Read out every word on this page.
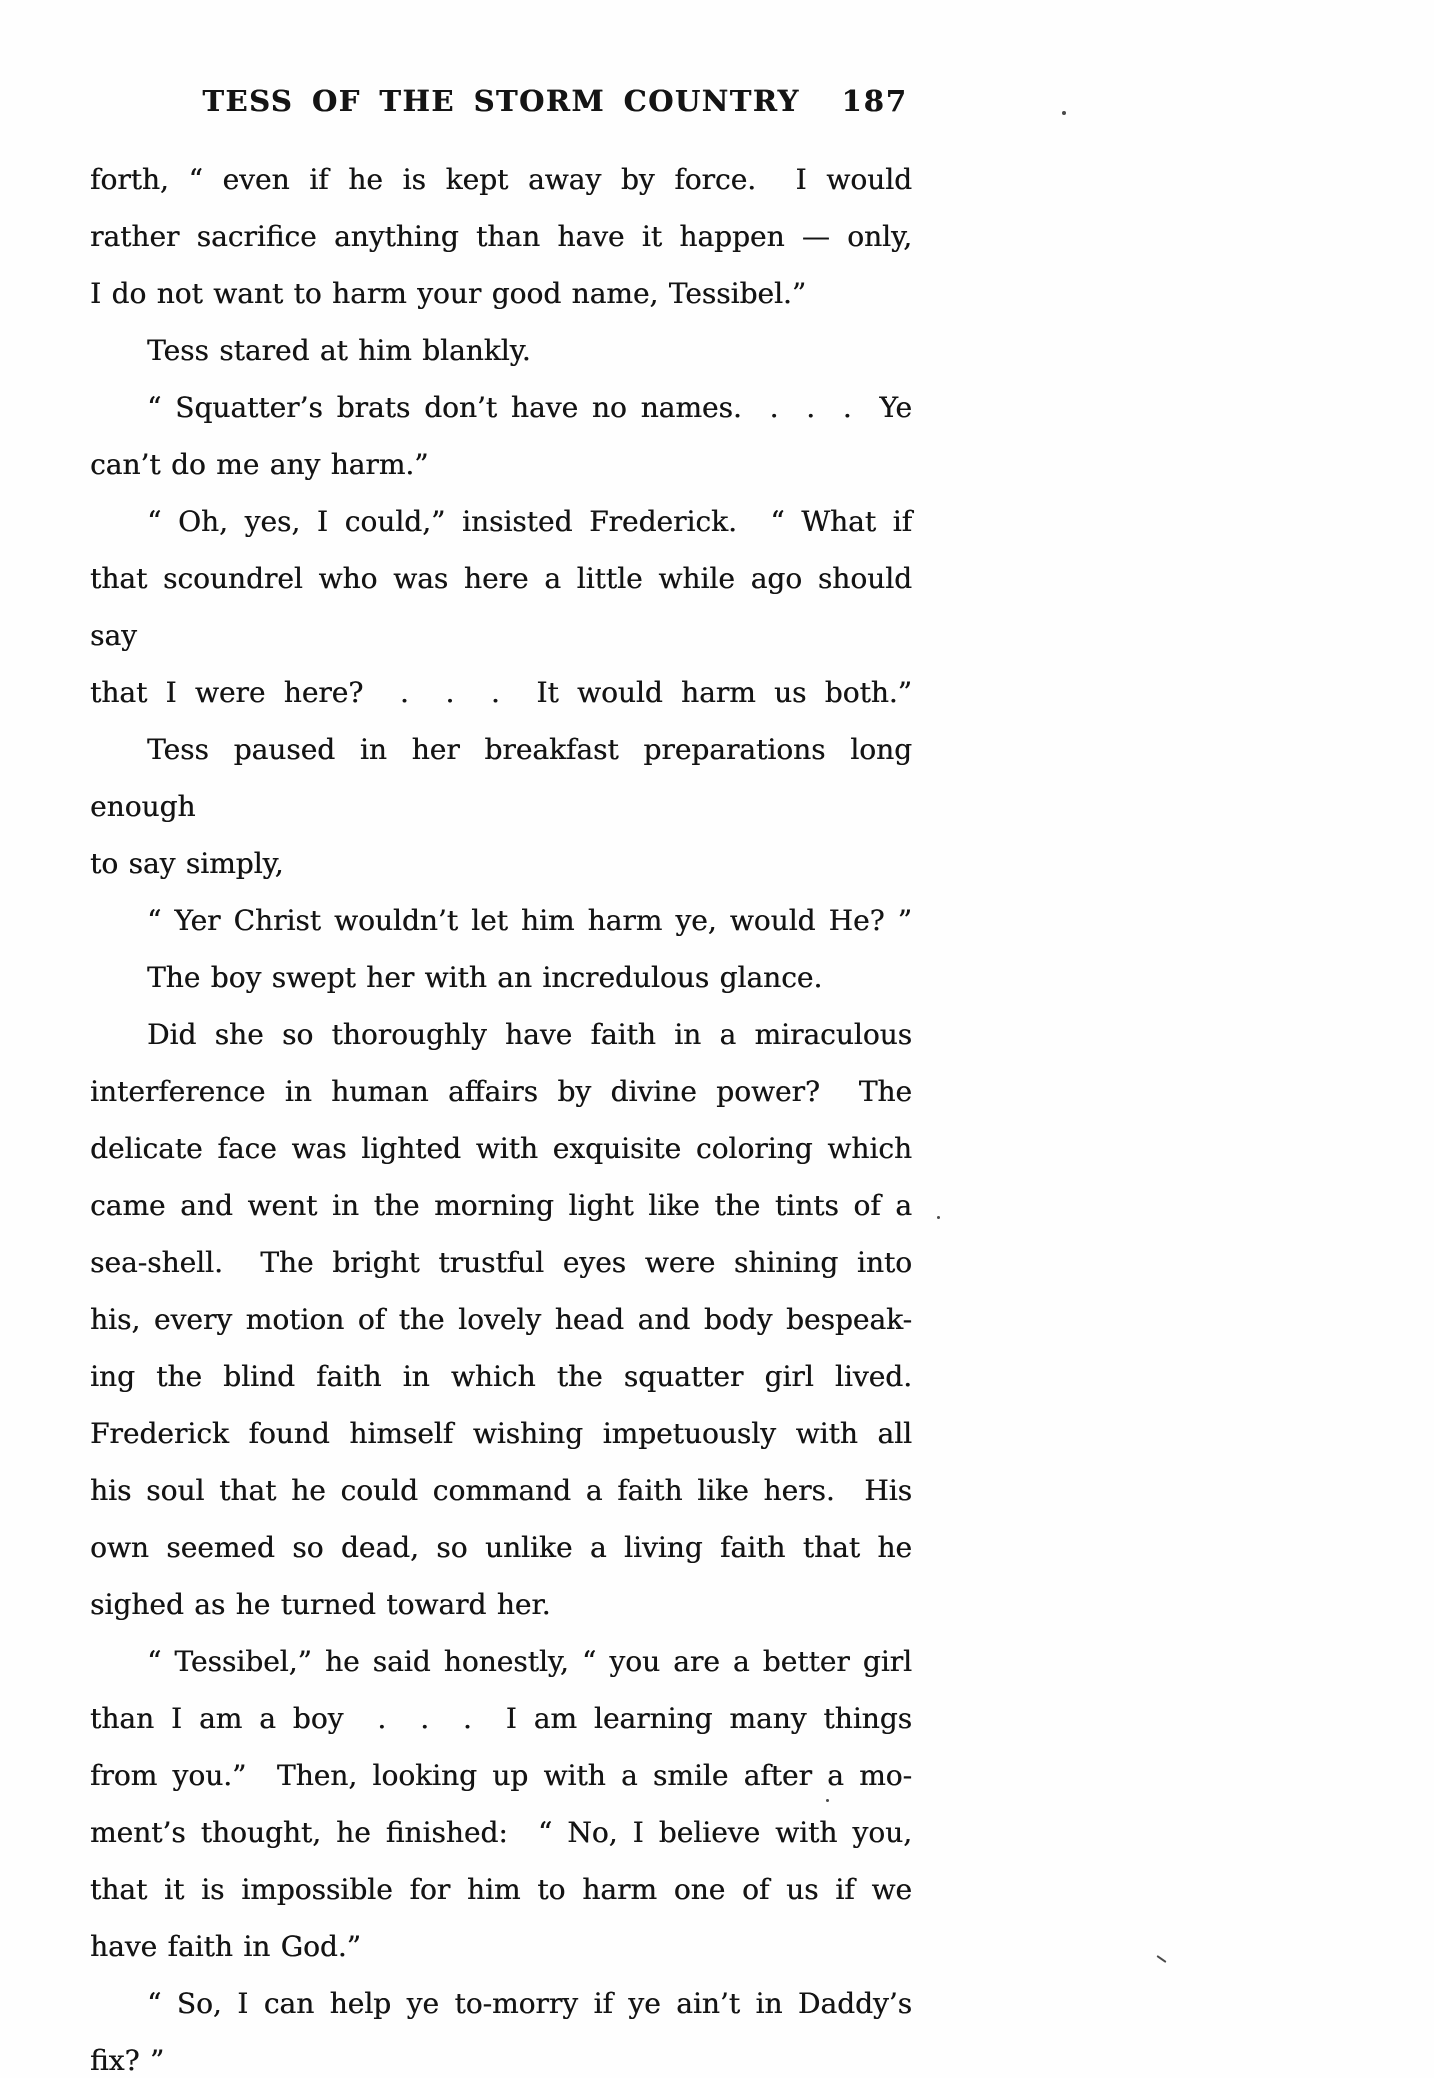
TESS OF THE STORM COUNTRY 187
forth, “ even if he is kept away by force.  I would
rather sacrifice anything than have it happen — only,
I do not want to harm your good name, Tessibel.”
Tess stared at him blankly.
“ Squatter’s brats don’t have no names.  .  .  .  Ye
can’t do me any harm.”
“ Oh, yes, I could,” insisted Frederick.  “ What if
that scoundrel who was here a little while ago should say
that I were here?  .  .  .  It would harm us both.”
Tess paused in her breakfast preparations long enough
to say simply,
“ Yer Christ wouldn’t let him harm ye, would He? ”
The boy swept her with an incredulous glance.
Did she so thoroughly have faith in a miraculous
interference in human affairs by divine power?  The
delicate face was lighted with exquisite coloring which
came and went in the morning light like the tints of a
sea-shell.  The bright trustful eyes were shining into
his, every motion of the lovely head and body bespeak-
ing the blind faith in which the squatter girl lived.
Frederick found himself wishing impetuously with all
his soul that he could command a faith like hers.  His
own seemed so dead, so unlike a living faith that he
sighed as he turned toward her.
“ Tessibel,” he said honestly, “ you are a better girl
than I am a boy  .  .  .  I am learning many things
from you.”  Then, looking up with a smile after a mo-
ment’s thought, he finished:  “ No, I believe with you,
that it is impossible for him to harm one of us if we
have faith in God.”
“ So, I can help ye to-morry if ye ain’t in Daddy’s
fix? ”
